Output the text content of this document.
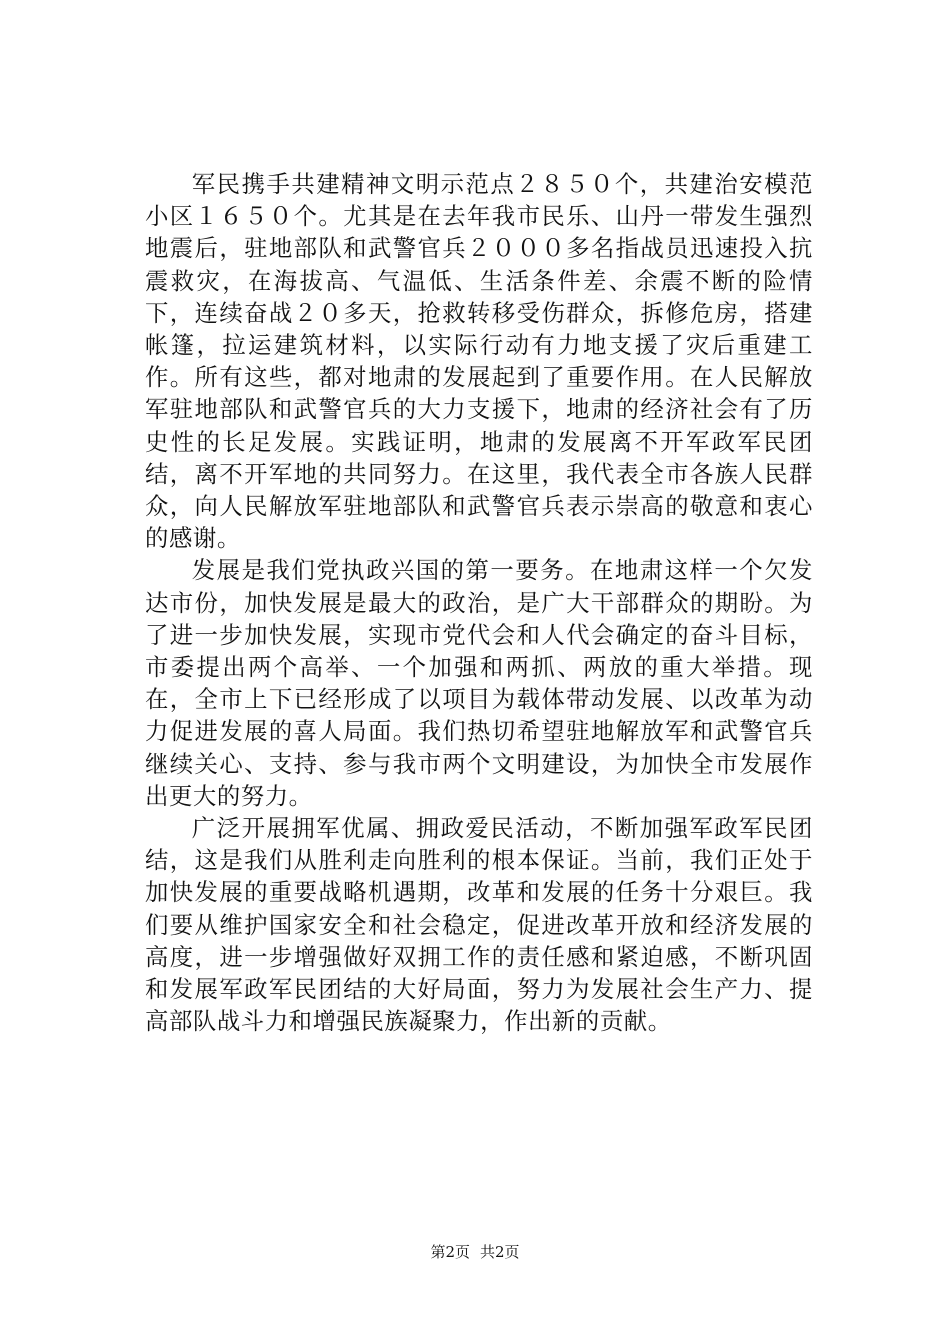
军民携手共建精神文明示范点２８５０个，共建治安模范小区１６５０个。尤其是在去年我市民乐、山丹一带发生强烈地震后，驻地部队和武警官兵２０００多名指战员迅速投入抗震救灾，在海拔高、气温低、生活条件差、余震不断的险情下，连续奋战２０多天，抢救转移受伤群众，拆修危房，搭建帐篷，拉运建筑材料，以实际行动有力地支援了灾后重建工作。所有这些，都对地肃的发展起到了重要作用。在人民解放军驻地部队和武警官兵的大力支援下，地肃的经济社会有了历史性的长足发展。实践证明，地肃的发展离不开军政军民团结，离不开军地的共同努力。在这里，我代表全市各族人民群众，向人民解放军驻地部队和武警官兵表示崇高的敬意和衷心的感谢。

发展是我们党执政兴国的第一要务。在地肃这样一个欠发达市份，加快发展是最大的政治，是广大干部群众的期盼。为了进一步加快发展，实现市党代会和人代会确定的奋斗目标，市委提出两个高举、一个加强和两抓、两放的重大举措。现在，全市上下已经形成了以项目为载体带动发展、以改革为动力促进发展的喜人局面。我们热切希望驻地解放军和武警官兵继续关心、支持、参与我市两个文明建设，为加快全市发展作出更大的努力。

广泛开展拥军优属、拥政爱民活动，不断加强军政军民团结，这是我们从胜利走向胜利的根本保证。当前，我们正处于加快发展的重要战略机遇期，改革和发展的任务十分艰巨。我们要从维护国家安全和社会稳定，促进改革开放和经济发展的高度，进一步增强做好双拥工作的责任感和紧迫感，不断巩固和发展军政军民团结的大好局面，努力为发展社会生产力、提高部队战斗力和增强民族凝聚力，作出新的贡献。

第2页 共2页
